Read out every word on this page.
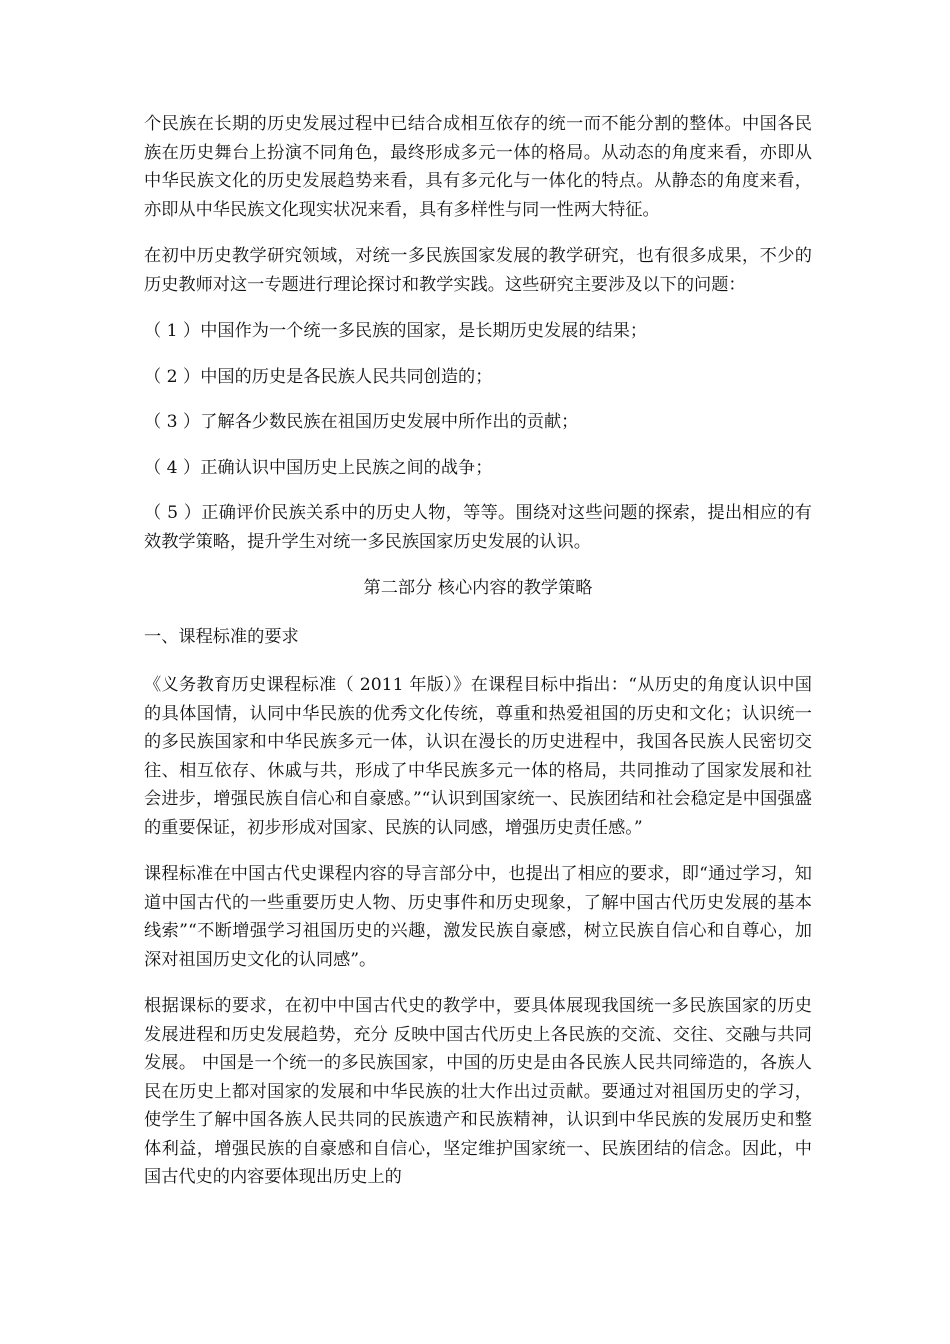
个民族在长期的历史发展过程中已结合成相互依存的统一而不能分割的整体。中国各民族在历史舞台上扮演不同角色，最终形成多元一体的格局。从动态的角度来看，亦即从中华民族文化的历史发展趋势来看，具有多元化与一体化的特点。从静态的角度来看，亦即从中华民族文化现实状况来看，具有多样性与同一性两大特征。

在初中历史教学研究领域，对统一多民族国家发展的教学研究，也有很多成果，不少的历史教师对这一专题进行理论探讨和教学实践。这些研究主要涉及以下的问题：

（ 1 ）中国作为一个统一多民族的国家，是长期历史发展的结果；

（ 2 ）中国的历史是各民族人民共同创造的；

（ 3 ）了解各少数民族在祖国历史发展中所作出的贡献；

（ 4 ）正确认识中国历史上民族之间的战争；

（ 5 ）正确评价民族关系中的历史人物，等等。围绕对这些问题的探索，提出相应的有效教学策略，提升学生对统一多民族国家历史发展的认识。

第二部分 核心内容的教学策略

一、课程标准的要求

《义务教育历史课程标准（ 2011 年版）》在课程目标中指出：“从历史的角度认识中国的具体国情，认同中华民族的优秀文化传统，尊重和热爱祖国的历史和文化；认识统一的多民族国家和中华民族多元一体，认识在漫长的历史进程中，我国各民族人民密切交往、相互依存、休戚与共，形成了中华民族多元一体的格局，共同推动了国家发展和社会进步，增强民族自信心和自豪感。”“认识到国家统一、民族团结和社会稳定是中国强盛的重要保证，初步形成对国家、民族的认同感，增强历史责任感。”

课程标准在中国古代史课程内容的导言部分中，也提出了相应的要求，即“通过学习，知道中国古代的一些重要历史人物、历史事件和历史现象，了解中国古代历史发展的基本线索”“不断增强学习祖国历史的兴趣，激发民族自豪感，树立民族自信心和自尊心，加深对祖国历史文化的认同感”。

根据课标的要求，在初中中国古代史的教学中，要具体展现我国统一多民族国家的历史发展进程和历史发展趋势，充分 反映中国古代历史上各民族的交流、交往、交融与共同发展。 中国是一个统一的多民族国家，中国的历史是由各民族人民共同缔造的，各族人民在历史上都对国家的发展和中华民族的壮大作出过贡献。要通过对祖国历史的学习，使学生了解中国各族人民共同的民族遗产和民族精神，认识到中华民族的发展历史和整体利益，增强民族的自豪感和自信心，坚定维护国家统一、民族团结的信念。因此，中国古代史的内容要体现出历史上的
